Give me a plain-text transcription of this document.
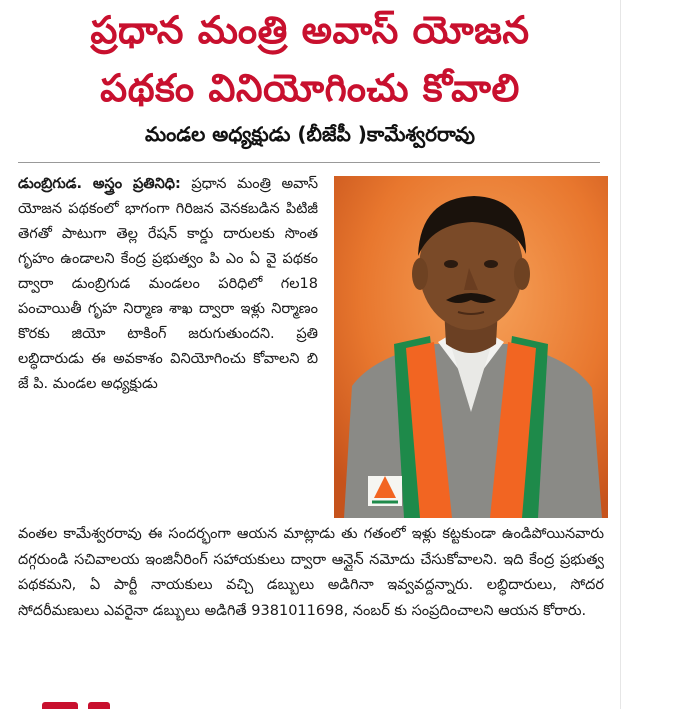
ప్రధాన మంత్రి అవాస్ యోజన
పథకం వినియోగించు కోవాలి
మండల అధ్యక్షుడు (బీజేపీ )కామేశ్వరరావు
డుంబ్రిగుడ. అస్త్రం ప్రతినిధి: ప్రధాన మంత్రి అవాస్ యోజన పథకంలో భాగంగా గిరిజన వెనకబడిన పిటిజీ తెగతో పాటుగా తెల్ల రేషన్ కార్డు దారులకు సొంత గృహం ఉండాలని కేంద్ర ప్రభుత్వం పి ఎం ఏ వై పథకం ద్వారా డుంబ్రిగుడ మండలం పరిధిలో గల18 పంచాయితీ గృహ నిర్మాణ శాఖ ద్వారా ఇళ్లు నిర్మాణం కొరకు జియో టాకింగ్ జరుగుతుందని. ప్రతి లబ్ధిదారుడు ఈ అవకాశం వినియోగించు కోవాలని బి జే పి. మండల అధ్యక్షుడు
వంతల కామేశ్వరరావు ఈ సందర్భంగా ఆయన మాట్లాడు తు గతంలో ఇళ్లు కట్టకుండా ఉండిపోయినవారు దగ్గరుండి సచివాలయ ఇంజినీరింగ్ సహాయకులు ద్వారా ఆన్లైన్ నమోదు చేసుకోవాలని. ఇది కేంద్ర ప్రభుత్వ పథకమని, ఏ పార్టీ నాయకులు వచ్చి డబ్బులు అడిగినా ఇవ్వవద్దన్నారు. లబ్ధిదారులు, సోదర సోదరీమణులు ఎవరైనా డబ్బులు అడిగితే 9381011698, నంబర్ కు సంప్రదించాలని ఆయన కోరారు.
